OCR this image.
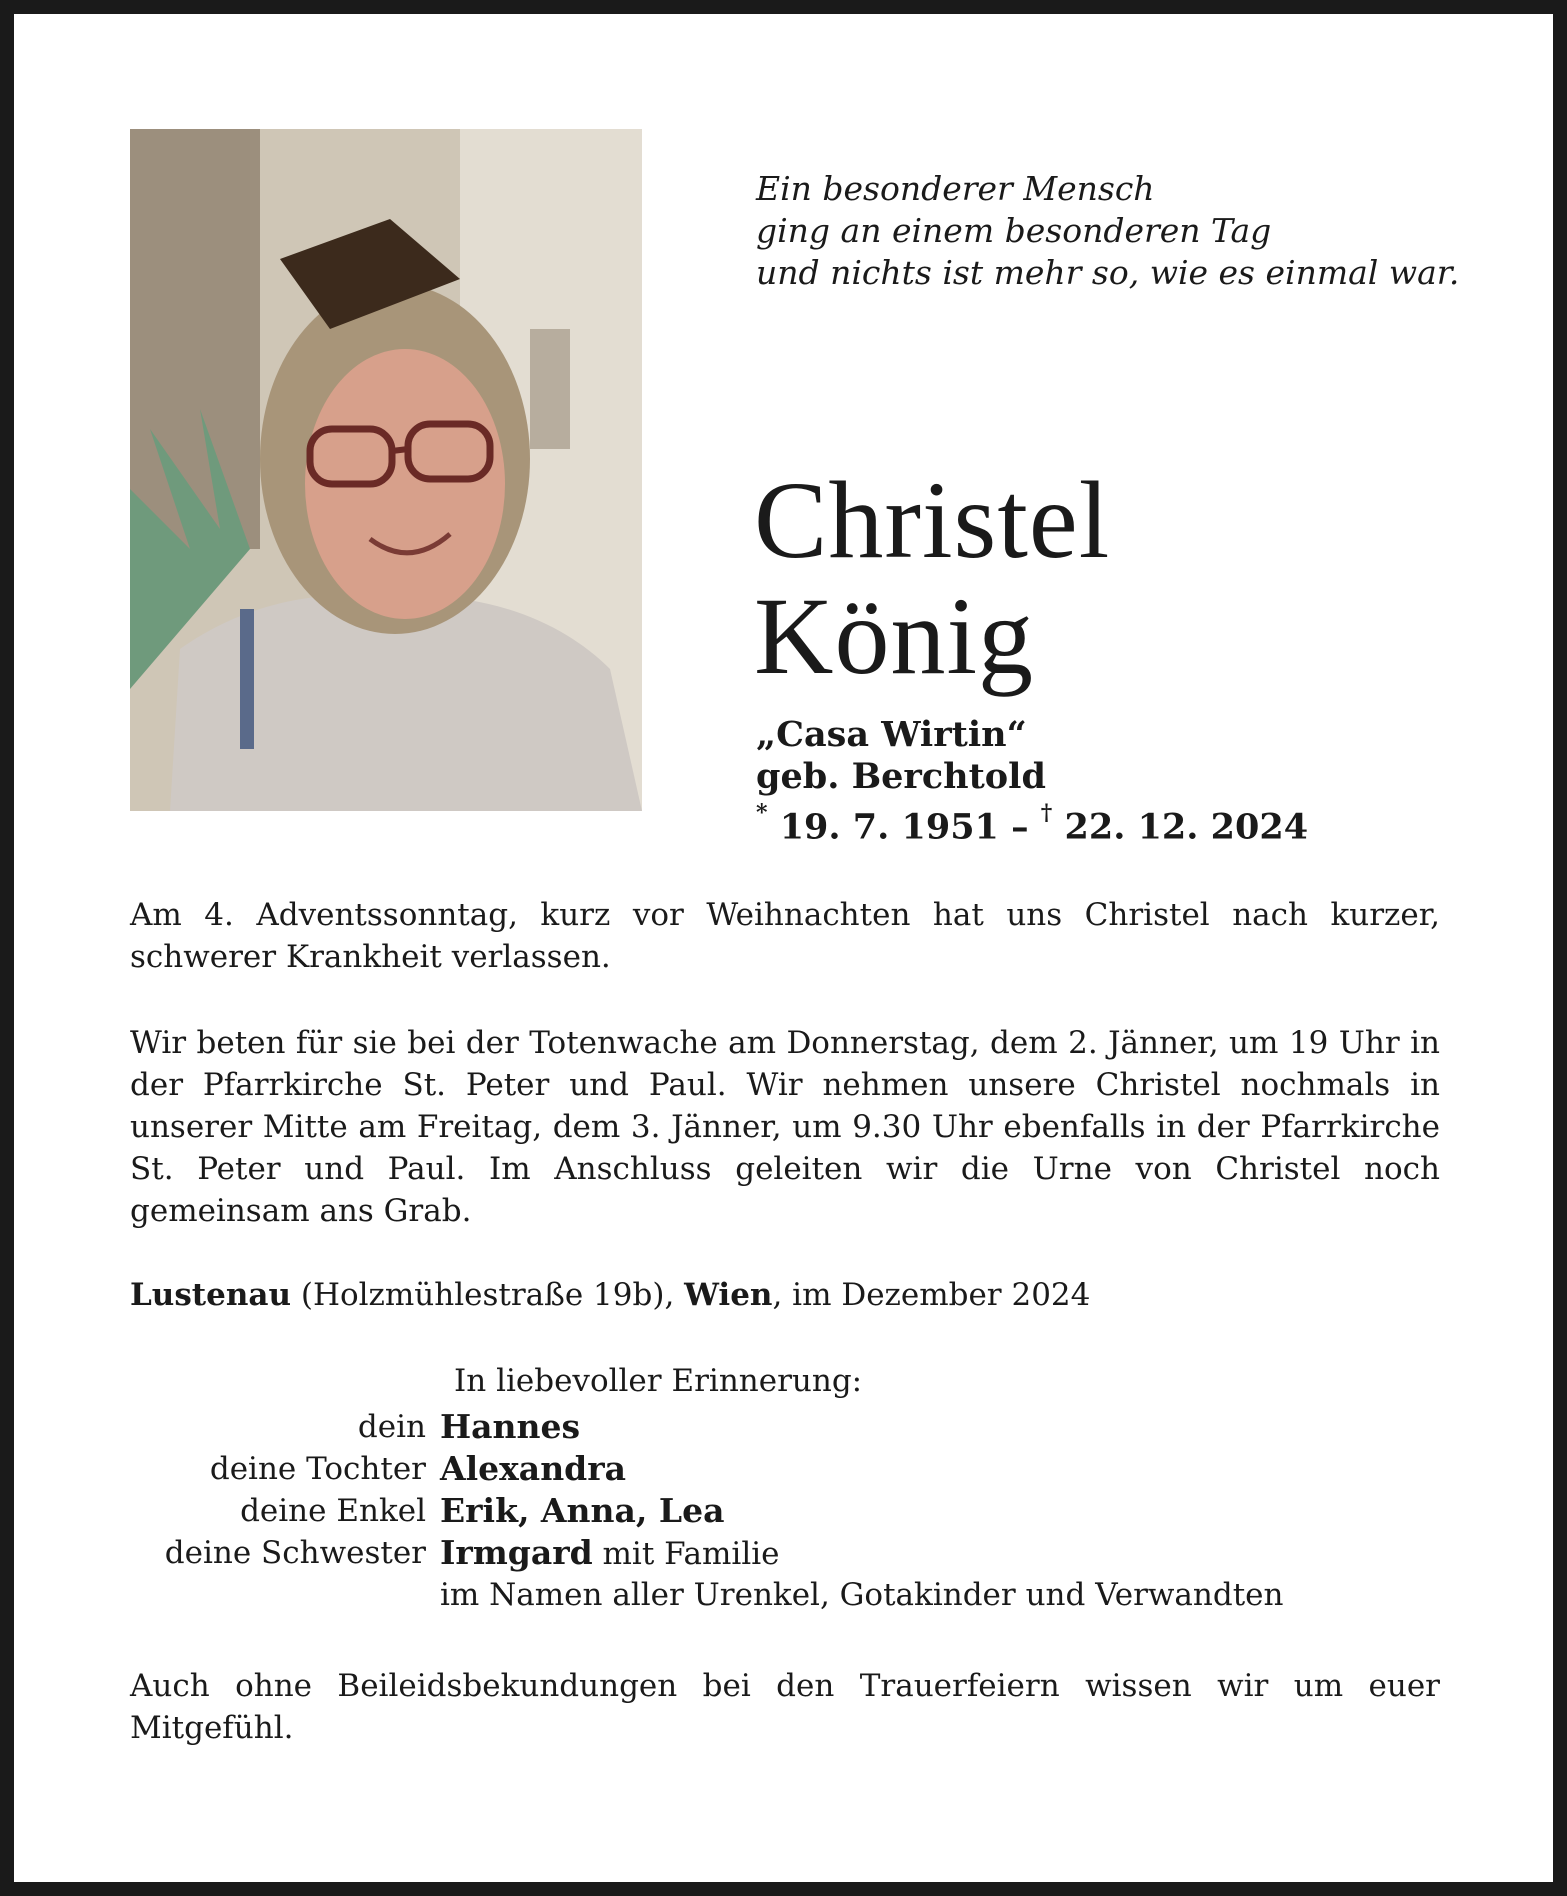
Ein besonderer Mensch
ging an einem besonderen Tag
und nichts ist mehr so, wie es einmal war.
Christel
König
„Casa Wirtin“
geb. Berchtold
* 19. 7. 1951 – † 22. 12. 2024
Am 4. Adventssonntag, kurz vor Weihnachten hat uns Christel nach kurzer, schwerer Krankheit verlassen.
Wir beten für sie bei der Totenwache am Donnerstag, dem 2. Jänner, um 19 Uhr in der Pfarrkirche St. Peter und Paul. Wir nehmen unsere Christel nochmals in unserer Mitte am Freitag, dem 3. Jänner, um 9.30 Uhr ebenfalls in der Pfarrkirche St. Peter und Paul. Im Anschluss geleiten wir die Urne von Christel noch gemeinsam ans Grab.
Lustenau (Holzmühlestraße 19b), Wien, im Dezember 2024
In liebevoller Erinnerung:
dein Hannes
deine Tochter Alexandra
deine Enkel Erik, Anna, Lea
deine Schwester Irmgard mit Familie
im Namen aller Urenkel, Gotakinder und Verwandten
Auch ohne Beileidsbekundungen bei den Trauerfeiern wissen wir um euer Mitgefühl.
